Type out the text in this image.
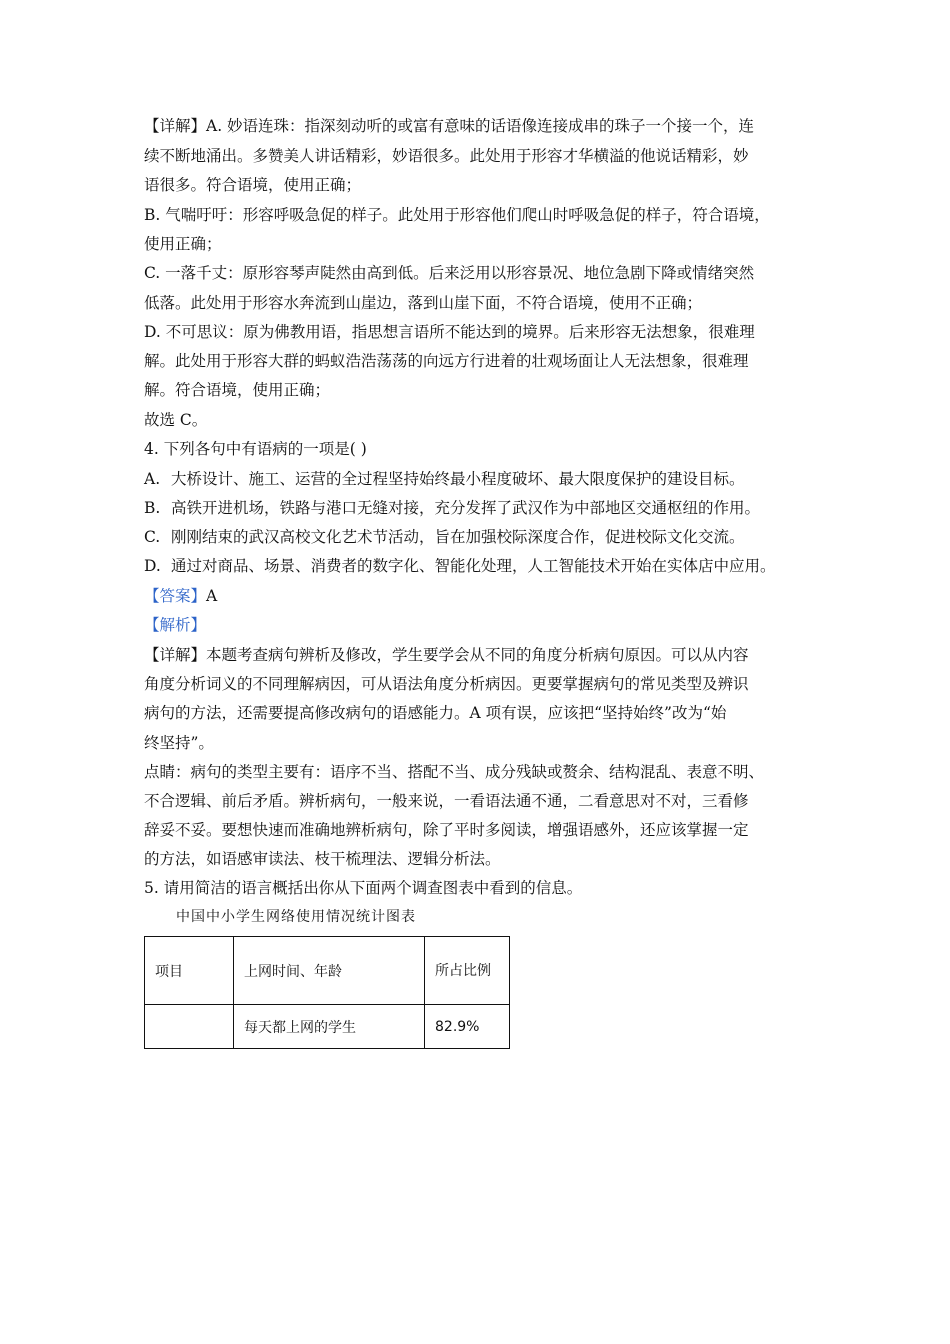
【详解】A. 妙语连珠：指深刻动听的或富有意味的话语像连接成串的珠子一个接一个，连
续不断地涌出。多赞美人讲话精彩，妙语很多。此处用于形容才华横溢的他说话精彩，妙
语很多。符合语境，使用正确；
B. 气喘吁吁：形容呼吸急促的样子。此处用于形容他们爬山时呼吸急促的样子，符合语境，
使用正确；
C. 一落千丈：原形容琴声陡然由高到低。后来泛用以形容景况、地位急剧下降或情绪突然
低落。此处用于形容水奔流到山崖边，落到山崖下面，不符合语境，使用不正确；
D. 不可思议：原为佛教用语，指思想言语所不能达到的境界。后来形容无法想象，很难理
解。此处用于形容大群的蚂蚁浩浩荡荡的向远方行进着的壮观场面让人无法想象，很难理
解。符合语境，使用正确；
故选 C。
4. 下列各句中有语病的一项是( )
A. 大桥设计、施工、运营的全过程坚持始终最小程度破坏、最大限度保护的建设目标。
B. 高铁开进机场，铁路与港口无缝对接，充分发挥了武汉作为中部地区交通枢纽的作用。
C. 刚刚结束的武汉高校文化艺术节活动，旨在加强校际深度合作，促进校际文化交流。
D. 通过对商品、场景、消费者的数字化、智能化处理，人工智能技术开始在实体店中应用。
【答案】A
【解析】
【详解】本题考查病句辨析及修改，学生要学会从不同的角度分析病句原因。可以从内容
角度分析词义的不同理解病因，可从语法角度分析病因。更要掌握病句的常见类型及辨识
病句的方法，还需要提高修改病句的语感能力。A 项有误，应该把“坚持始终”改为“始
终坚持”。
点睛：病句的类型主要有：语序不当、搭配不当、成分残缺或赘余、结构混乱、表意不明、
不合逻辑、前后矛盾。辨析病句，一般来说，一看语法通不通，二看意思对不对，三看修
辞妥不妥。要想快速而准确地辨析病句，除了平时多阅读，增强语感外，还应该掌握一定
的方法，如语感审读法、枝干梳理法、逻辑分析法。
5. 请用简洁的语言概括出你从下面两个调查图表中看到的信息。
中国中小学生网络使用情况统计图表
项目	上网时间、年龄	所占比例
	每天都上网的学生	82.9%
